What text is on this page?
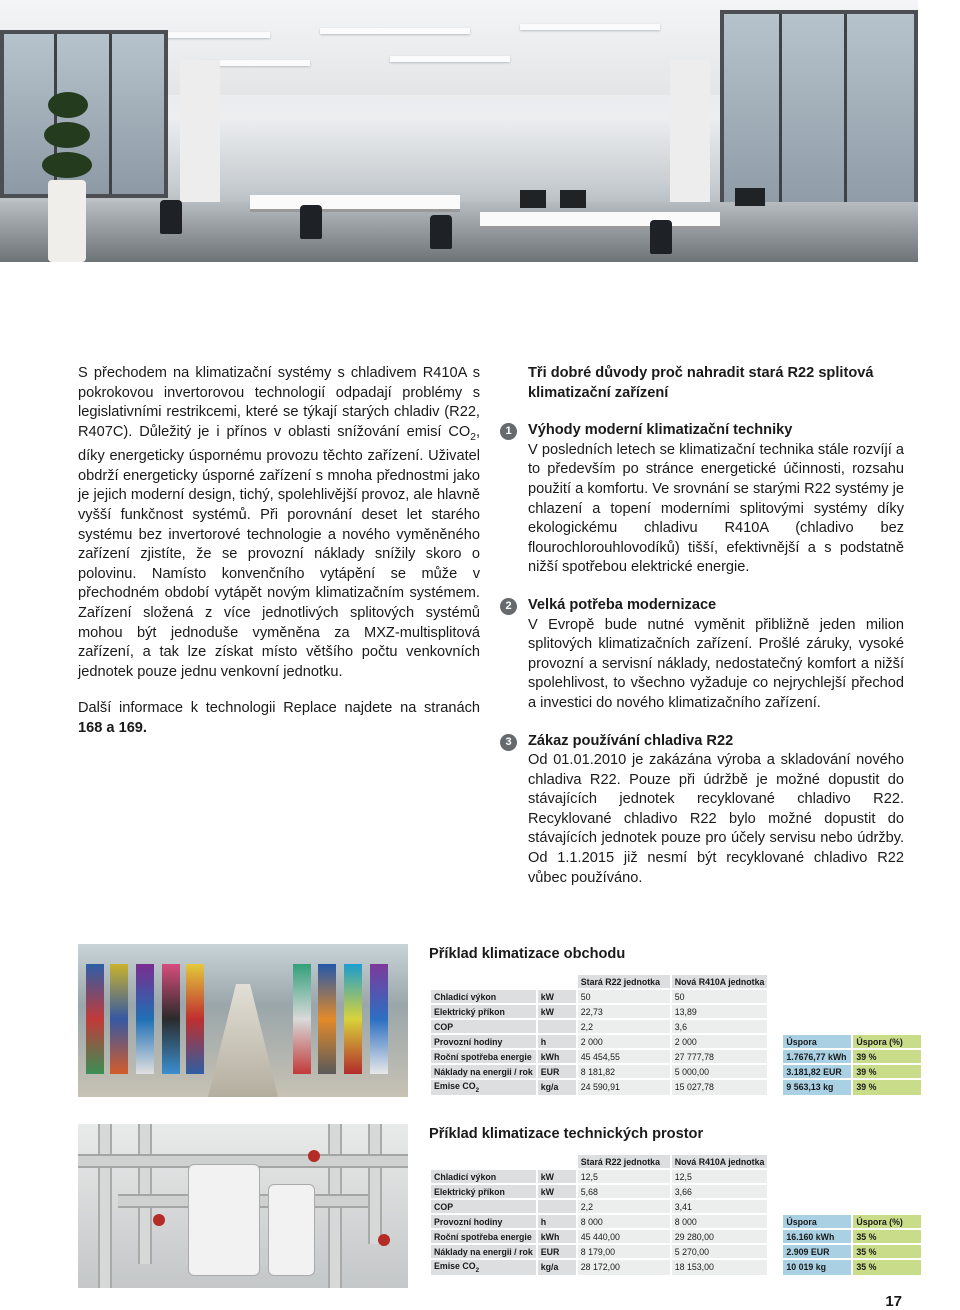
S přechodem na klimatizační systémy s chladivem R410A s pokrokovou invertorovou technologií odpadají problémy s legislativními restrikcemi, které se týkají starých chladiv (R22, R407C). Důležitý je i přínos v oblasti snížování emisí $CO_2$, díky energeticky úspornému provozu těchto zařízení. Uživatel obdrží energeticky úsporné zařízení s mnoha přednostmi jako je jejich moderní design, tichý, spolehlivější provoz, ale hlavně vyšší funkčnost systémů. Při porovnání deset let starého systému bez invertorové technologie a nového vyměněného zařízení zjistíte, že se provozní náklady snížily skoro o polovinu. Namísto konvenčního vytápění se může v přechodném období vytápět novým klimatizačním systémem. Zařízení složená z více jednotlivých splitových systémů mohou být jednoduše vyměněna za MXZ-multisplitová zařízení, a tak lze získat místo většího počtu venkovních jednotek pouze jednu venkovní jednotku.

Další informace k technologii Replace najdete na stranách 168 a 169.

Tři dobré důvody proč nahradit stará R22 splitová klimatizační zařízení
1	Výhody moderní klimatizační techniky

V posledních letech se klimatizační technika stále rozvíjí a to především po stránce energetické účinnosti, rozsahu použití a komfortu. Ve srovnání se starými R22 systémy je chlazení a topení moderními splitovými systémy díky ekologickému chladivu R410A (chladivo bez flourochlorouhlovodíků) tišší, efektivnější a s podstatně nižší spotřebou elektrické energie.

2	Velká potřeba modernizace

V Evropě bude nutné vyměnit přibližně jeden milion splitových klimatizačních zařízení. Prošlé záruky, vysoké provozní a servisní náklady, nedostatečný komfort a nižší spolehlivost, to všechno vyžaduje co nejrychlejší přechod a investici do nového klimatizačního zařízení.

3	Zákaz používání chladiva R22

Od 01.01.2010 je zakázána výroba a skladování nového chladiva R22. Pouze při údržbě je možné dopustit do stávajících jednotek recyklované chladivo R22. Recyklované chladivo R22 bylo možné dopustit do stávajících jednotek pouze pro účely servisu nebo údržby. Od 1.1.2015 již nesmí být recyklované chladivo R22 vůbec používáno.

Příklad klimatizace obchodu
		Stará R22 jednotka	Nová R410A jednotka			
Chladicí výkon	kW	50	50			
Elektrický příkon	kW	22,73	13,89			
COP		2,2	3,6			
Provozní hodiny	h	2 000	2 000		Úspora	Úspora (%)
Roční spotřeba energie	kWh	45 454,55	27 777,78		1.7676,77 kWh	39 %
Náklady na energii / rok	EUR	8 181,82	5 000,00		3.181,82 EUR	39 %
Emise $CO_2$	kg/a	24 590,91	15 027,78		9 563,13 kg	39 %
Příklad klimatizace technických prostor
		Stará R22 jednotka	Nová R410A jednotka			
Chladicí výkon	kW	12,5	12,5			
Elektrický příkon	kW	5,68	3,66			
COP		2,2	3,41			
Provozní hodiny	h	8 000	8 000		Úspora	Úspora (%)
Roční spotřeba energie	kWh	45 440,00	29 280,00		16.160 kWh	35 %
Náklady na energii / rok	EUR	8 179,00	5 270,00		2.909 EUR	35 %
Emise $CO_2$	kg/a	28 172,00	18 153,00		10 019 kg	35 %
17
